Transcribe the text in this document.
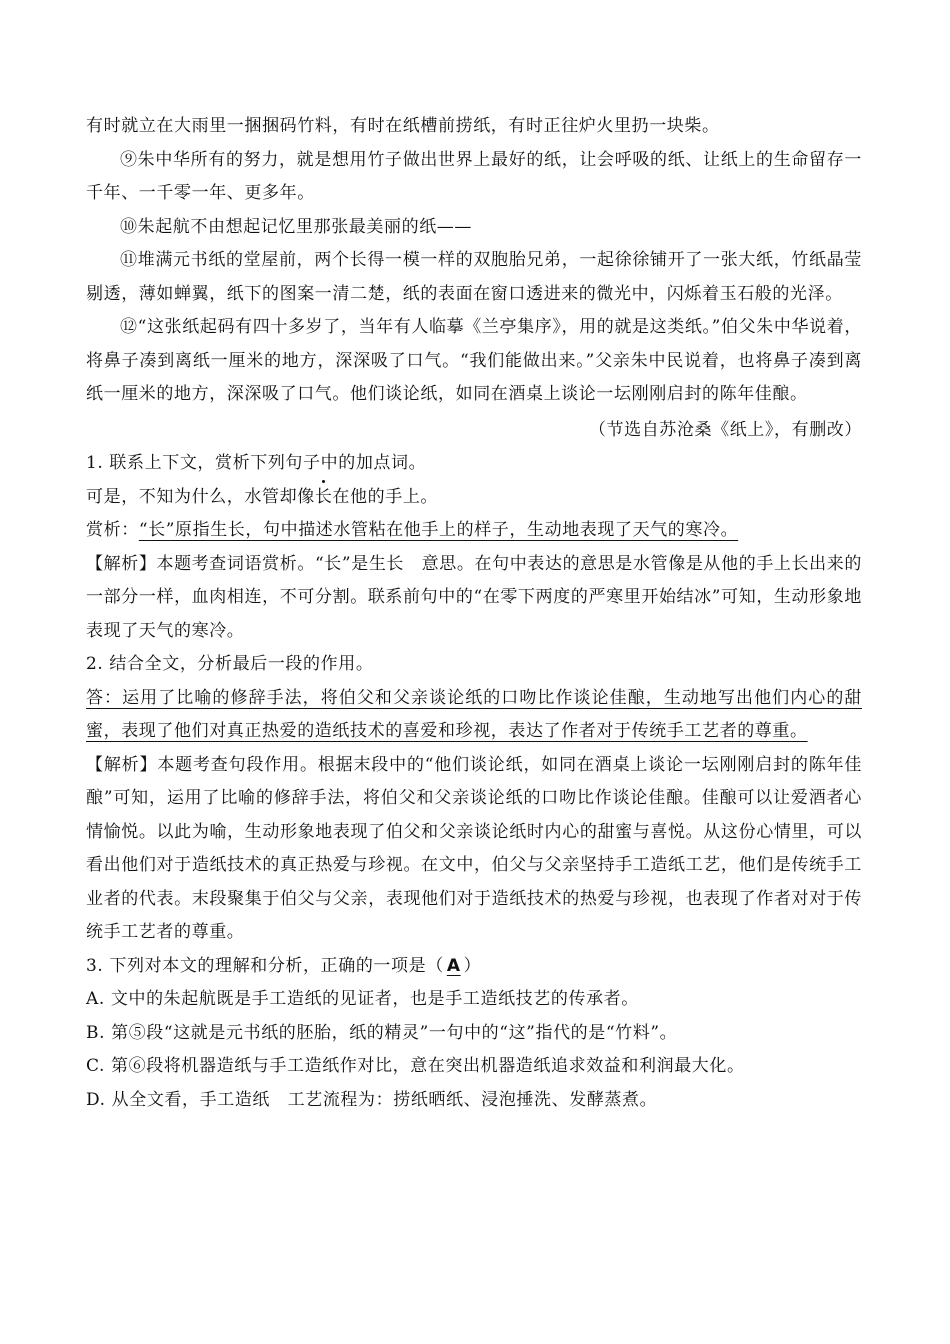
有时就立在大雨里一捆捆码竹料，有时在纸槽前捞纸，有时正往炉火里扔一块柴。

⑨朱中华所有的努力，就是想用竹子做出世界上最好的纸，让会呼吸的纸、让纸上的生命留存一千年、一千零一年、更多年。

⑩朱起航不由想起记忆里那张最美丽的纸——

⑪堆满元书纸的堂屋前，两个长得一模一样的双胞胎兄弟，一起徐徐铺开了一张大纸，竹纸晶莹剔透，薄如蝉翼，纸下的图案一清二楚，纸的表面在窗口透进来的微光中，闪烁着玉石般的光泽。

⑫“这张纸起码有四十多岁了，当年有人临摹《兰亭集序》，用的就是这类纸。”伯父朱中华说着，将鼻子凑到离纸一厘米的地方，深深吸了口气。“我们能做出来。”父亲朱中民说着，也将鼻子凑到离纸一厘米的地方，深深吸了口气。他们谈论纸，如同在酒桌上谈论一坛刚刚启封的陈年佳酿。

（节选自苏沧桑《纸上》，有删改）

1. 联系上下文，赏析下列句子中的加点词。

可是，不知为什么，水管却像长在他的手上。

赏析：“长”原指生长，句中描述水管粘在他手上的样子，生动地表现了天气的寒冷。

【解析】本题考查词语赏析。“长”是生长　意思。在句中表达的意思是水管像是从他的手上长出来的一部分一样，血肉相连，不可分割。联系前句中的“在零下两度的严寒里开始结冰”可知，生动形象地表现了天气的寒冷。

2. 结合全文，分析最后一段的作用。

答：运用了比喻的修辞手法，将伯父和父亲谈论纸的口吻比作谈论佳酿，生动地写出他们内心的甜蜜，表现了他们对真正热爱的造纸技术的喜爱和珍视，表达了作者对于传统手工艺者的尊重。

【解析】本题考查句段作用。根据末段中的“他们谈论纸，如同在酒桌上谈论一坛刚刚启封的陈年佳酿”可知，运用了比喻的修辞手法，将伯父和父亲谈论纸的口吻比作谈论佳酿。佳酿可以让爱酒者心情愉悦。以此为喻，生动形象地表现了伯父和父亲谈论纸时内心的甜蜜与喜悦。从这份心情里，可以看出他们对于造纸技术的真正热爱与珍视。在文中，伯父与父亲坚持手工造纸工艺，他们是传统手工业者的代表。末段聚集于伯父与父亲，表现他们对于造纸技术的热爱与珍视，也表现了作者对对于传统手工艺者的尊重。

3. 下列对本文的理解和分析，正确的一项是（ A ）

A. 文中的朱起航既是手工造纸的见证者，也是手工造纸技艺的传承者。

B. 第⑤段“这就是元书纸的胚胎，纸的精灵”一句中的“这”指代的是“竹料”。

C. 第⑥段将机器造纸与手工造纸作对比，意在突出机器造纸追求效益和利润最大化。

D. 从全文看，手工造纸　工艺流程为：捞纸晒纸、浸泡捶洗、发酵蒸煮。
